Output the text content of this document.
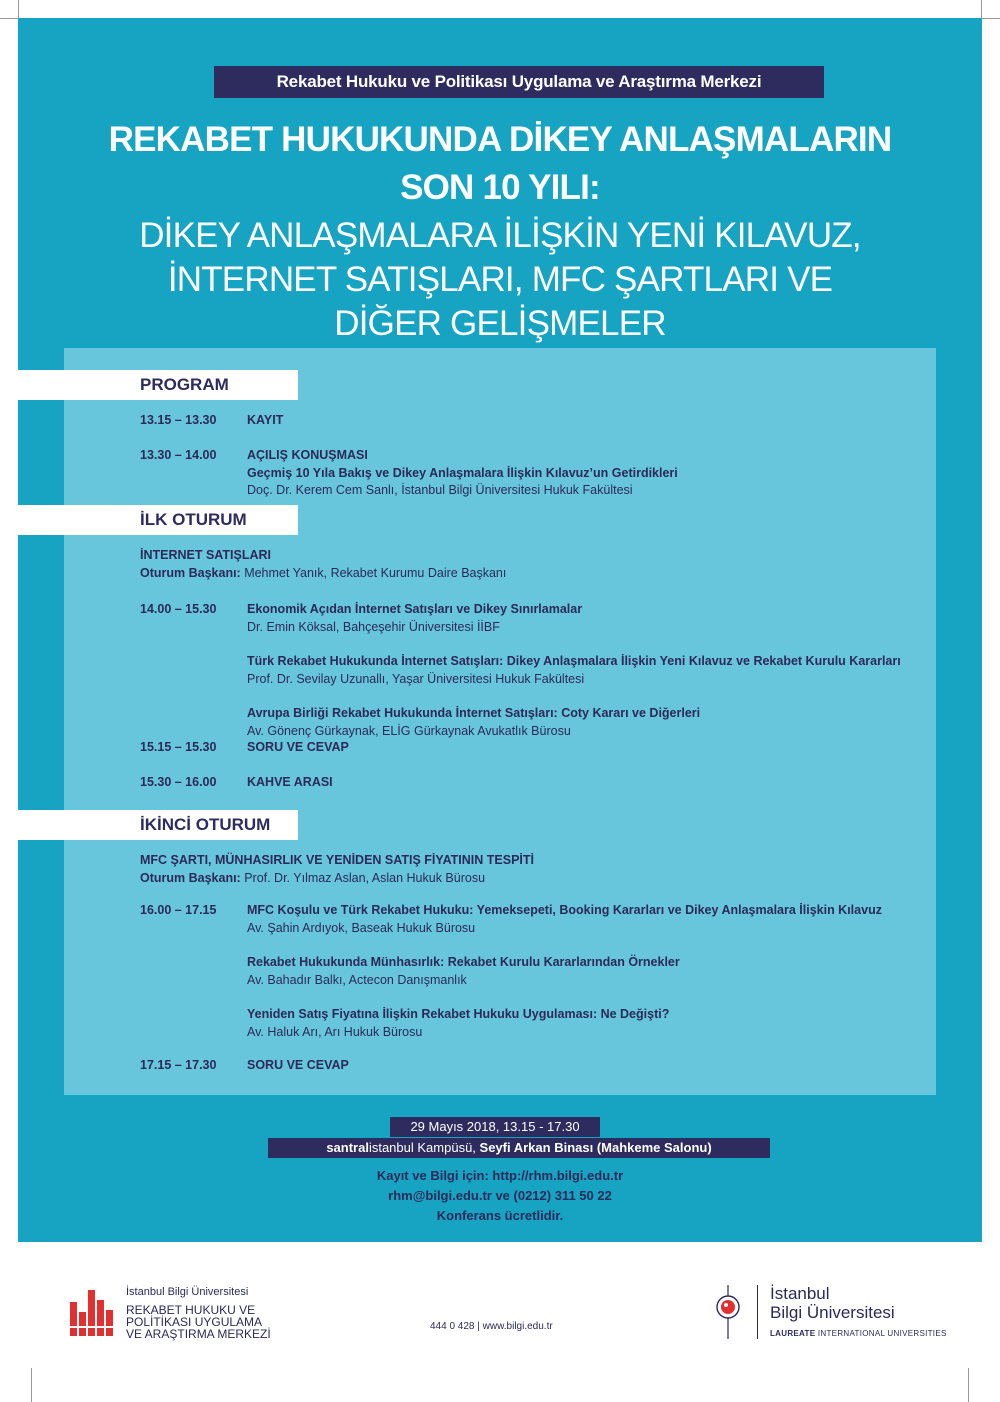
Rekabet Hukuku ve Politikası Uygulama ve Araştırma Merkezi
REKABET HUKUKUNDA DİKEY ANLAŞMALARIN
SON 10 YILI:
DİKEY ANLAŞMALARA İLİŞKİN YENİ KILAVUZ,
İNTERNET SATIŞLARI, MFC ŞARTLARI VE
DİĞER GELİŞMELER
PROGRAM
İLK OTURUM
İKİNCİ OTURUM
13.15 – 13.30	KAYIT
13.30 – 14.00	AÇILIŞ KONUŞMASI
Geçmiş 10 Yıla Bakış ve Dikey Anlaşmalara İlişkin Kılavuz’un Getirdikleri
Doç. Dr. Kerem Cem Sanlı, İstanbul Bilgi Üniversitesi Hukuk Fakültesi
İNTERNET SATIŞLARI
Oturum Başkanı: Mehmet Yanık, Rekabet Kurumu Daire Başkanı
14.00 – 15.30	Ekonomik Açıdan İnternet Satışları ve Dikey Sınırlamalar
Dr. Emin Köksal, Bahçeşehir Üniversitesi İİBF
Türk Rekabet Hukukunda İnternet Satışları: Dikey Anlaşmalara İlişkin Yeni Kılavuz ve Rekabet Kurulu Kararları
Prof. Dr. Sevilay Uzunallı, Yaşar Üniversitesi Hukuk Fakültesi
Avrupa Birliği Rekabet Hukukunda İnternet Satışları: Coty Kararı ve Diğerleri
Av. Gönenç Gürkaynak, ELİG Gürkaynak Avukatlık Bürosu
15.15 – 15.30	SORU VE CEVAP
15.30 – 16.00	KAHVE ARASI
MFC ŞARTI, MÜNHASIRLIK VE YENİDEN SATIŞ FİYATININ TESPİTİ
Oturum Başkanı: Prof. Dr. Yılmaz Aslan, Aslan Hukuk Bürosu
16.00 – 17.15	MFC Koşulu ve Türk Rekabet Hukuku: Yemeksepeti, Booking Kararları ve Dikey Anlaşmalara İlişkin Kılavuz
Av. Şahin Ardıyok, Baseak Hukuk Bürosu
Rekabet Hukukunda Münhasırlık: Rekabet Kurulu Kararlarından Örnekler
Av. Bahadır Balkı, Actecon Danışmanlık
Yeniden Satış Fiyatına İlişkin Rekabet Hukuku Uygulaması: Ne Değişti?
Av. Haluk Arı, Arı Hukuk Bürosu
17.15 – 17.30	SORU VE CEVAP
29 Mayıs 2018, 13.15 - 17.30
santralistanbul Kampüsü, Seyfi Arkan Binası (Mahkeme Salonu)
Kayıt ve Bilgi için: http://rhm.bilgi.edu.tr
rhm@bilgi.edu.tr ve (0212) 311 50 22
Konferans ücretlidir.
İstanbul Bilgi Üniversitesi
REKABET HUKUKU VE
POLİTİKASI UYGULAMA
VE ARAŞTIRMA MERKEZİ
444 0 428 | www.bilgi.edu.tr
İstanbul
Bilgi Üniversitesi
LAUREATE INTERNATIONAL UNIVERSITIES
